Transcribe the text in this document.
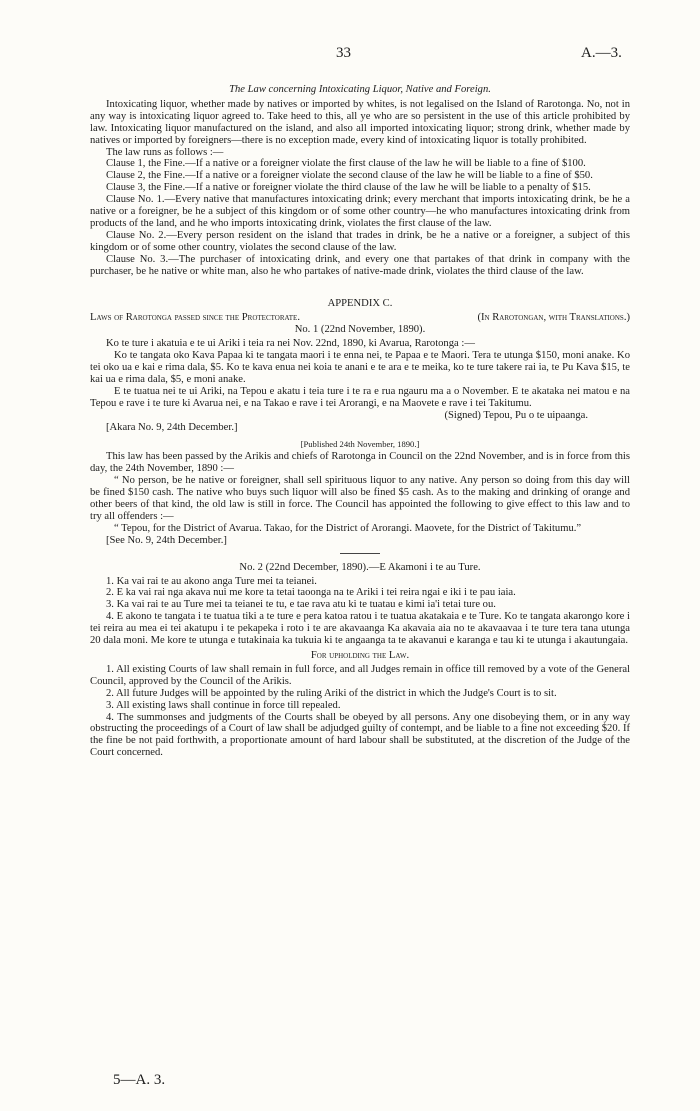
33	A.—3.
The Law concerning Intoxicating Liquor, Native and Foreign.

Intoxicating liquor, whether made by natives or imported by whites, is not legalised on the Island of Rarotonga. No, not in any way is intoxicating liquor agreed to. Take heed to this, all ye who are so persistent in the use of this article prohibited by law. Intoxicating liquor manufactured on the island, and also all imported intoxicating liquor; strong drink, whether made by natives or imported by foreigners—there is no exception made, every kind of intoxicating liquor is totally prohibited.

The law runs as follows :—

Clause 1, the Fine.—If a native or a foreigner violate the first clause of the law he will be liable to a fine of $100.

Clause 2, the Fine.—If a native or a foreigner violate the second clause of the law he will be liable to a fine of $50.

Clause 3, the Fine.—If a native or foreigner violate the third clause of the law he will be liable to a penalty of $15.

Clause No. 1.—Every native that manufactures intoxicating drink; every merchant that imports intoxicating drink, be he a native or a foreigner, be he a subject of this kingdom or of some other country—he who manufactures intoxicating drink from products of the land, and he who imports intoxicating drink, violates the first clause of the law.

Clause No. 2.—Every person resident on the island that trades in drink, be he a native or a foreigner, a subject of this kingdom or of some other country, violates the second clause of the law.

Clause No. 3.—The purchaser of intoxicating drink, and every one that partakes of that drink in company with the purchaser, be he native or white man, also he who partakes of native-made drink, violates the third clause of the law.

APPENDIX C.
Laws of Rarotonga passed since the Protectorate.	(In Rarotongan, with Translations.)
No. 1 (22nd November, 1890).

Ko te ture i akatuia e te ui Ariki i teia ra nei Nov. 22nd, 1890, ki Avarua, Rarotonga :—

Ko te tangata oko Kava Papaa ki te tangata maori i te enna nei, te Papaa e te Maori. Tera te utunga $150, moni anake. Ko tei oko ua e kai e rima dala, $5. Ko te kava enua nei koia te anani e te ara e te meika, ko te ture takere rai ia, te Pu Kava $15, te kai ua e rima dala, $5, e moni anake.

E te tuatua nei te ui Ariki, na Tepou e akatu i teia ture i te ra e rua ngauru ma a o November. E te akataka nei matou e na Tepou e rave i te ture ki Avarua nei, e na Takao e rave i tei Arorangi, e na Maovete e rave i tei Takitumu.

(Signed) Tepou, Pu o te uipaanga.

[Akara No. 9, 24th December.]

[Published 24th November, 1890.]

This law has been passed by the Arikis and chiefs of Rarotonga in Council on the 22nd November, and is in force from this day, the 24th November, 1890 :—

“ No person, be he native or foreigner, shall sell spirituous liquor to any native. Any person so doing from this day will be fined $150 cash. The native who buys such liquor will also be fined $5 cash. As to the making and drinking of orange and other beers of that kind, the old law is still in force. The Council has appointed the following to give effect to this law and to try all offenders :—

“ Tepou, for the District of Avarua. Takao, for the District of Arorangi. Maovete, for the District of Takitumu.”

[See No. 9, 24th December.]

No. 2 (22nd December, 1890).—E Akamoni i te au Ture.

1. Ka vai rai te au akono anga Ture mei ta teianei.

2. E ka vai rai nga akava nui me kore ta tetai taoonga na te Ariki i tei reira ngai e iki i te pau iaia.

3. Ka vai rai te au Ture mei ta teianei te tu, e tae rava atu ki te tuatau e kimi ia'i tetai ture ou.

4. E akono te tangata i te tuatua tiki a te ture e pera katoa ratou i te tuatua akatakaia e te Ture. Ko te tangata akarongo kore i tei reira au mea ei tei akatupu i te pekapeka i roto i te are akavaanga Ka akavaia aia no te akavaavaa i te ture tera tana utunga 20 dala moni. Me kore te utunga e tutakinaia ka tukuia ki te angaanga ta te akavanui e karanga e tau ki te utunga i akautungaia.

For upholding the Law.

1. All existing Courts of law shall remain in full force, and all Judges remain in office till removed by a vote of the General Council, approved by the Council of the Arikis.

2. All future Judges will be appointed by the ruling Ariki of the district in which the Judge's Court is to sit.

3. All existing laws shall continue in force till repealed.

4. The summonses and judgments of the Courts shall be obeyed by all persons. Any one disobeying them, or in any way obstructing the proceedings of a Court of law shall be adjudged guilty of contempt, and be liable to a fine not exceeding $20. If the fine be not paid forthwith, a proportionate amount of hard labour shall be substituted, at the discretion of the Judge of the Court concerned.

5—A. 3.
